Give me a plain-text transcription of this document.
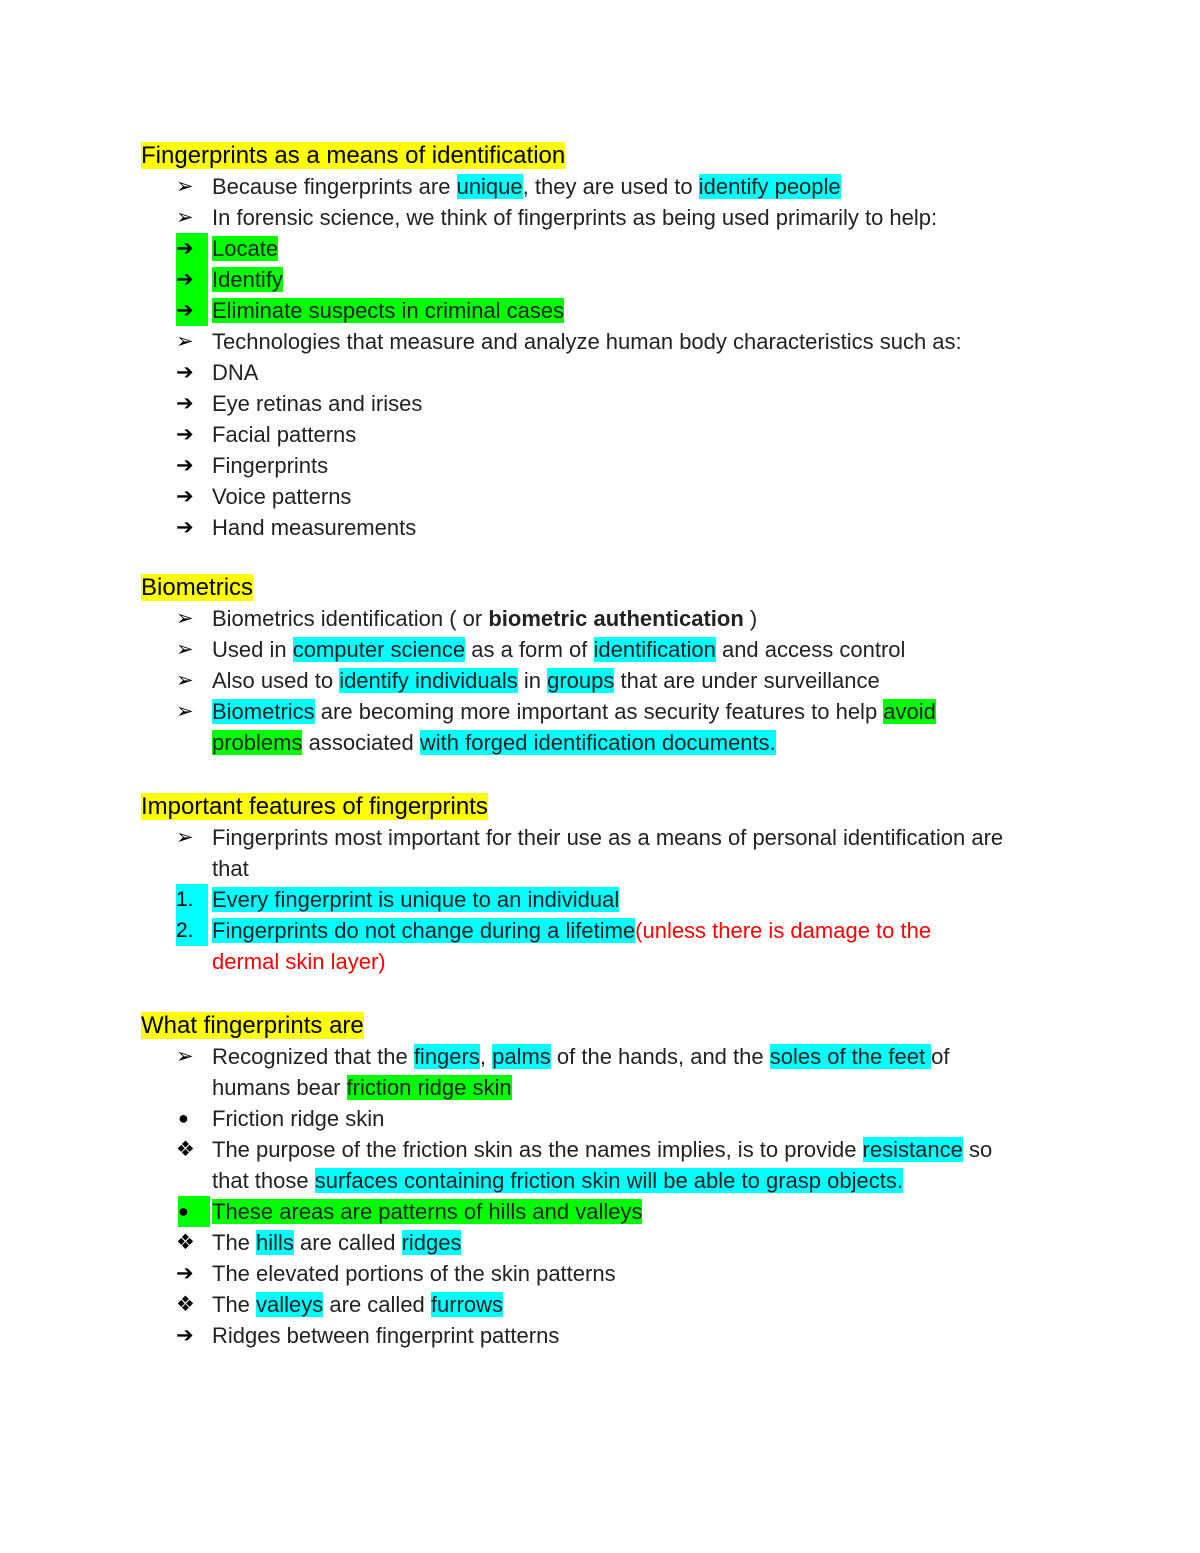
Fingerprints as a means of identification
➢ Because fingerprints are unique, they are used to identify people
➢ In forensic science, we think of fingerprints as being used primarily to help:
➔ Locate
➔ Identify
➔ Eliminate suspects in criminal cases
➢ Technologies that measure and analyze human body characteristics such as:
➔ DNA
➔ Eye retinas and irises
➔ Facial patterns
➔ Fingerprints
➔ Voice patterns
➔ Hand measurements
Biometrics
➢ Biometrics identification ( or biometric authentication )
➢ Used in computer science as a form of identification and access control
➢ Also used to identify individuals in groups that are under surveillance
➢ Biometrics are becoming more important as security features to help avoid
problems associated with forged identification documents.
Important features of fingerprints
➢ Fingerprints most important for their use as a means of personal identification are
that
1. Every fingerprint is unique to an individual
2. Fingerprints do not change during a lifetime(unless there is damage to the
dermal skin layer)
What fingerprints are
➢ Recognized that the fingers, palms of the hands, and the soles of the feet of
humans bear friction ridge skin
●	Friction ridge skin
❖ The purpose of the friction skin as the names implies, is to provide resistance so
that those surfaces containing friction skin will be able to grasp objects.
●	These areas are patterns of hills and valleys
❖ The hills are called ridges
➔ The elevated portions of the skin patterns
❖ The valleys are called furrows
➔ Ridges between fingerprint patterns
